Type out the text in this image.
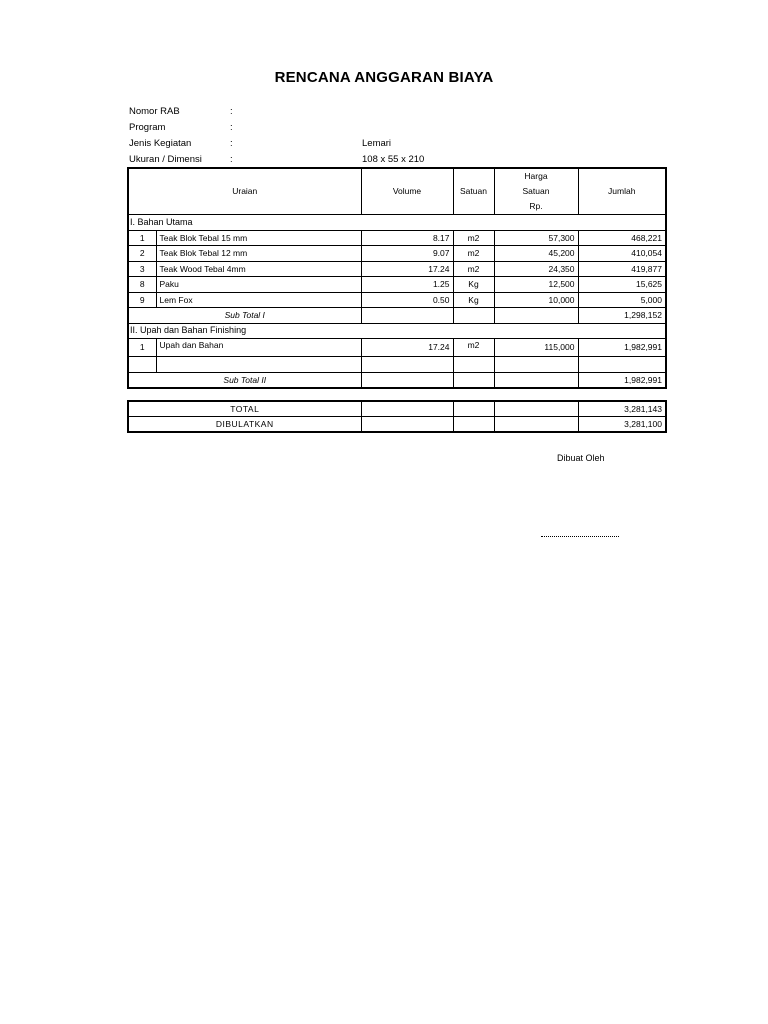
RENCANA ANGGARAN BIAYA
Nomor RAB	:
Program	:
Jenis Kegiatan	:	Lemari
Ukuran / Dimensi	:	108 x 55 x 210
Uraian		Volume	Satuan	Harga
Satuan
Rp.	Jumlah
I. Bahan Utama					
1	Teak Blok Tebal 15 mm	8.17	m2	57,300	468,221
2	Teak Blok Tebal 12 mm	9.07	m2	45,200	410,054
3	Teak Wood Tebal 4mm	17.24	m2	24,350	419,877
8	Paku	1.25	Kg	12,500	15,625
9	Lem Fox	0.50	Kg	10,000	5,000
Sub Total I					1,298,152
II. Upah dan Bahan Finishing					
1	Upah dan Bahan	17.24	m2	115,000	1,982,991

Sub Total II					1,982,991
TOTAL				3,281,143
DIBULATKAN				3,281,100
Dibuat Oleh
